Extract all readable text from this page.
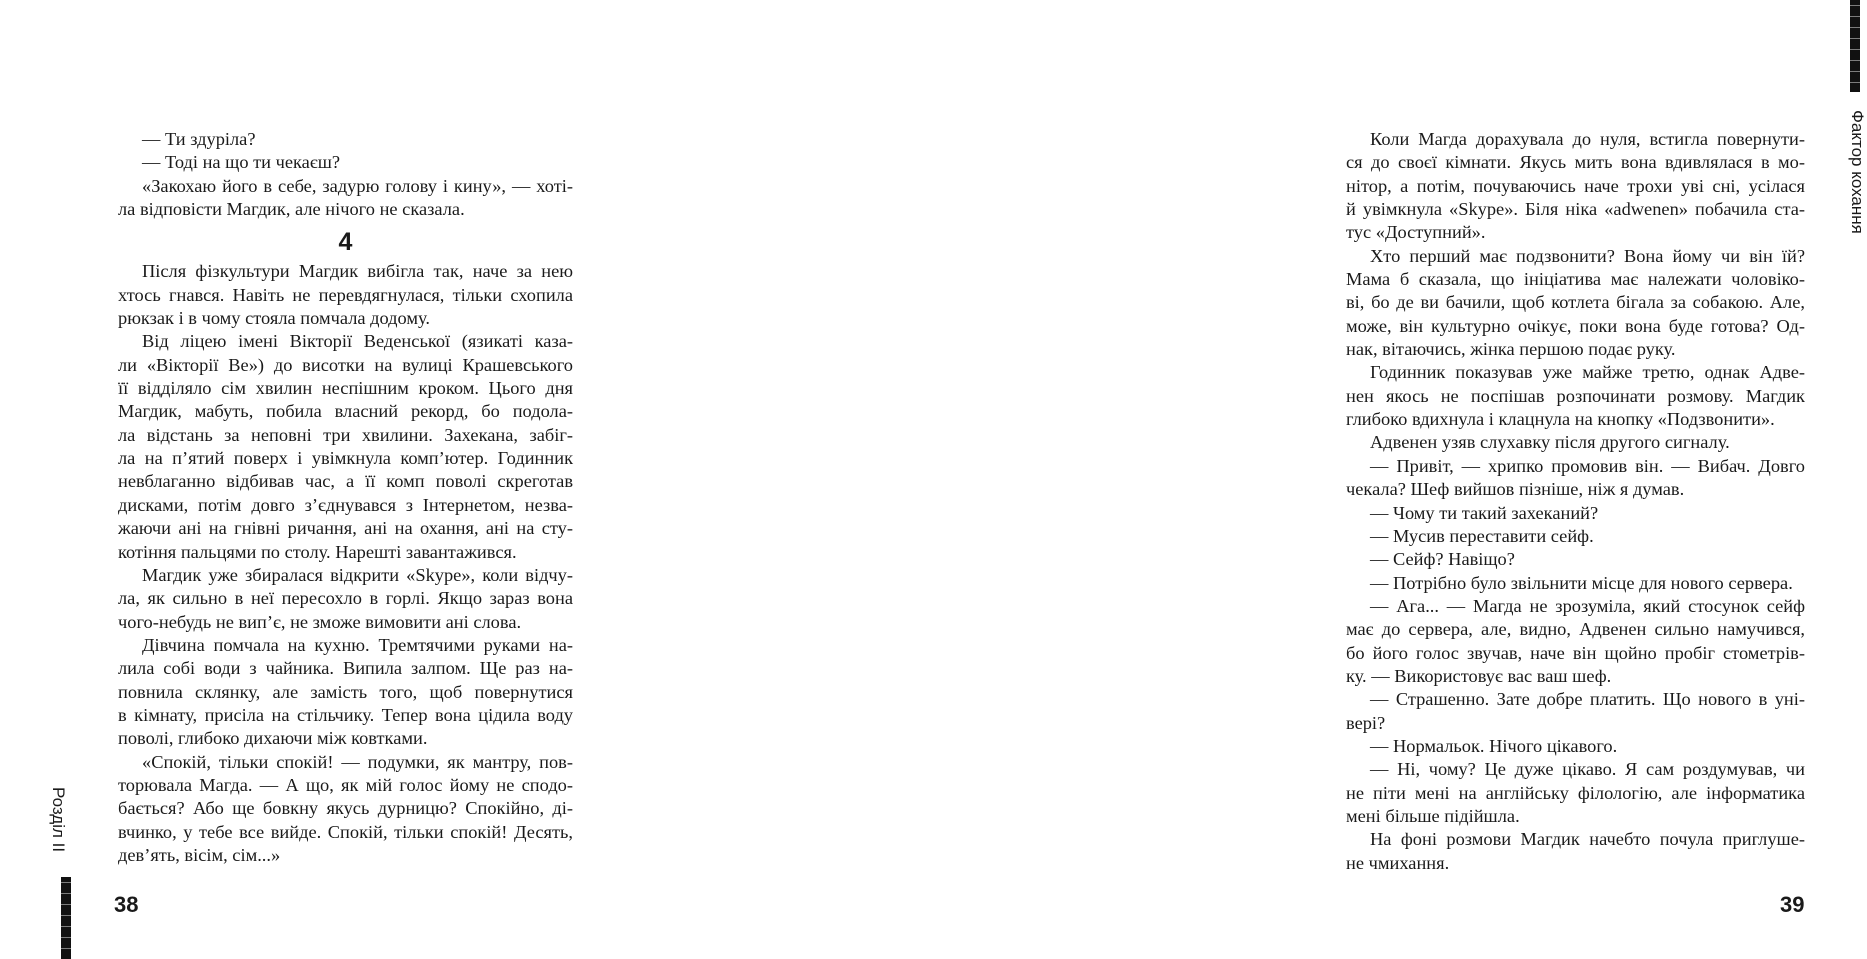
Розділ II
— Ти здуріла?
— Тоді на що ти чекаєш?
«Закохаю його в себе, задурю голову і кину», — хоті-
ла відповісти Магдик, але нічого не сказала.
4
Після фізкультури Магдик вибігла так, наче за нею
хтось гнався. Навіть не перевдягнулася, тільки схопила
рюкзак і в чому стояла помчала додому.
Від ліцею імені Вікторії Веденської (язикаті каза-
ли «Вікторії Ве») до висотки на вулиці Крашевського
її відділяло сім хвилин неспішним кроком. Цього дня
Магдик, мабуть, побила власний рекорд, бо подола-
ла відстань за неповні три хвилини. Захекана, забіг-
ла на п’ятий поверх і увімкнула комп’ютер. Годинник
невблаганно відбивав час, а її комп поволі скреготав
дисками, потім довго з’єднувався з Інтернетом, незва-
жаючи ані на гнівні ричання, ані на охання, ані на сту-
котіння пальцями по столу. Нарешті завантажився.
Магдик уже збиралася відкрити «Skype», коли відчу-
ла, як сильно в неї пересохло в горлі. Якщо зараз вона
чого-небудь не вип’є, не зможе вимовити ані слова.
Дівчина помчала на кухню. Тремтячими руками на-
лила собі води з чайника. Випила залпом. Ще раз на-
повнила склянку, але замість того, щоб повернутися
в кімнату, присіла на стільчику. Тепер вона цідила воду
поволі, глибоко дихаючи між ковтками.
«Спокій, тільки спокій! — подумки, як мантру, пов-
торювала Магда. — А що, як мій голос йому не сподо-
бається? Або ще бовкну якусь дурницю? Спокійно, ді-
вчинко, у тебе все вийде. Спокій, тільки спокій! Десять,
дев’ять, вісім, сім...»
38
Фактор кохання
Коли Магда дорахувала до нуля, встигла повернути-
ся до своєї кімнати. Якусь мить вона вдивлялася в мо-
нітор, а потім, почуваючись наче трохи уві сні, усілася
й увімкнула «Skype». Біля ніка «adwenen» побачила ста-
тус «Доступний».
Хто перший має подзвонити? Вона йому чи він їй?
Мама б сказала, що ініціатива має належати чоловіко-
ві, бо де ви бачили, щоб котлета бігала за собакою. Але,
може, він культурно очікує, поки вона буде готова? Од-
нак, вітаючись, жінка першою подає руку.
Годинник показував уже майже третю, однак Адве-
нен якось не поспішав розпочинати розмову. Магдик
глибоко вдихнула і клацнула на кнопку «Подзвонити».
Адвенен узяв слухавку після другого сигналу.
— Привіт, — хрипко промовив він. — Вибач. Довго
чекала? Шеф вийшов пізніше, ніж я думав.
— Чому ти такий захеканий?
— Мусив переставити сейф.
— Сейф? Навіщо?
— Потрібно було звільнити місце для нового сервера.
— Ага... — Магда не зрозуміла, який стосунок сейф
має до сервера, але, видно, Адвенен сильно намучився,
бо його голос звучав, наче він щойно пробіг стометрів-
ку. — Використовує вас ваш шеф.
— Страшенно. Зате добре платить. Що нового в уні-
вері?
— Нормальок. Нічого цікавого.
— Ні, чому? Це дуже цікаво. Я сам роздумував, чи
не піти мені на англійську філологію, але інформатика
мені більше підійшла.
На фоні розмови Магдик начебто почула приглуше-
не чмихання.
39
